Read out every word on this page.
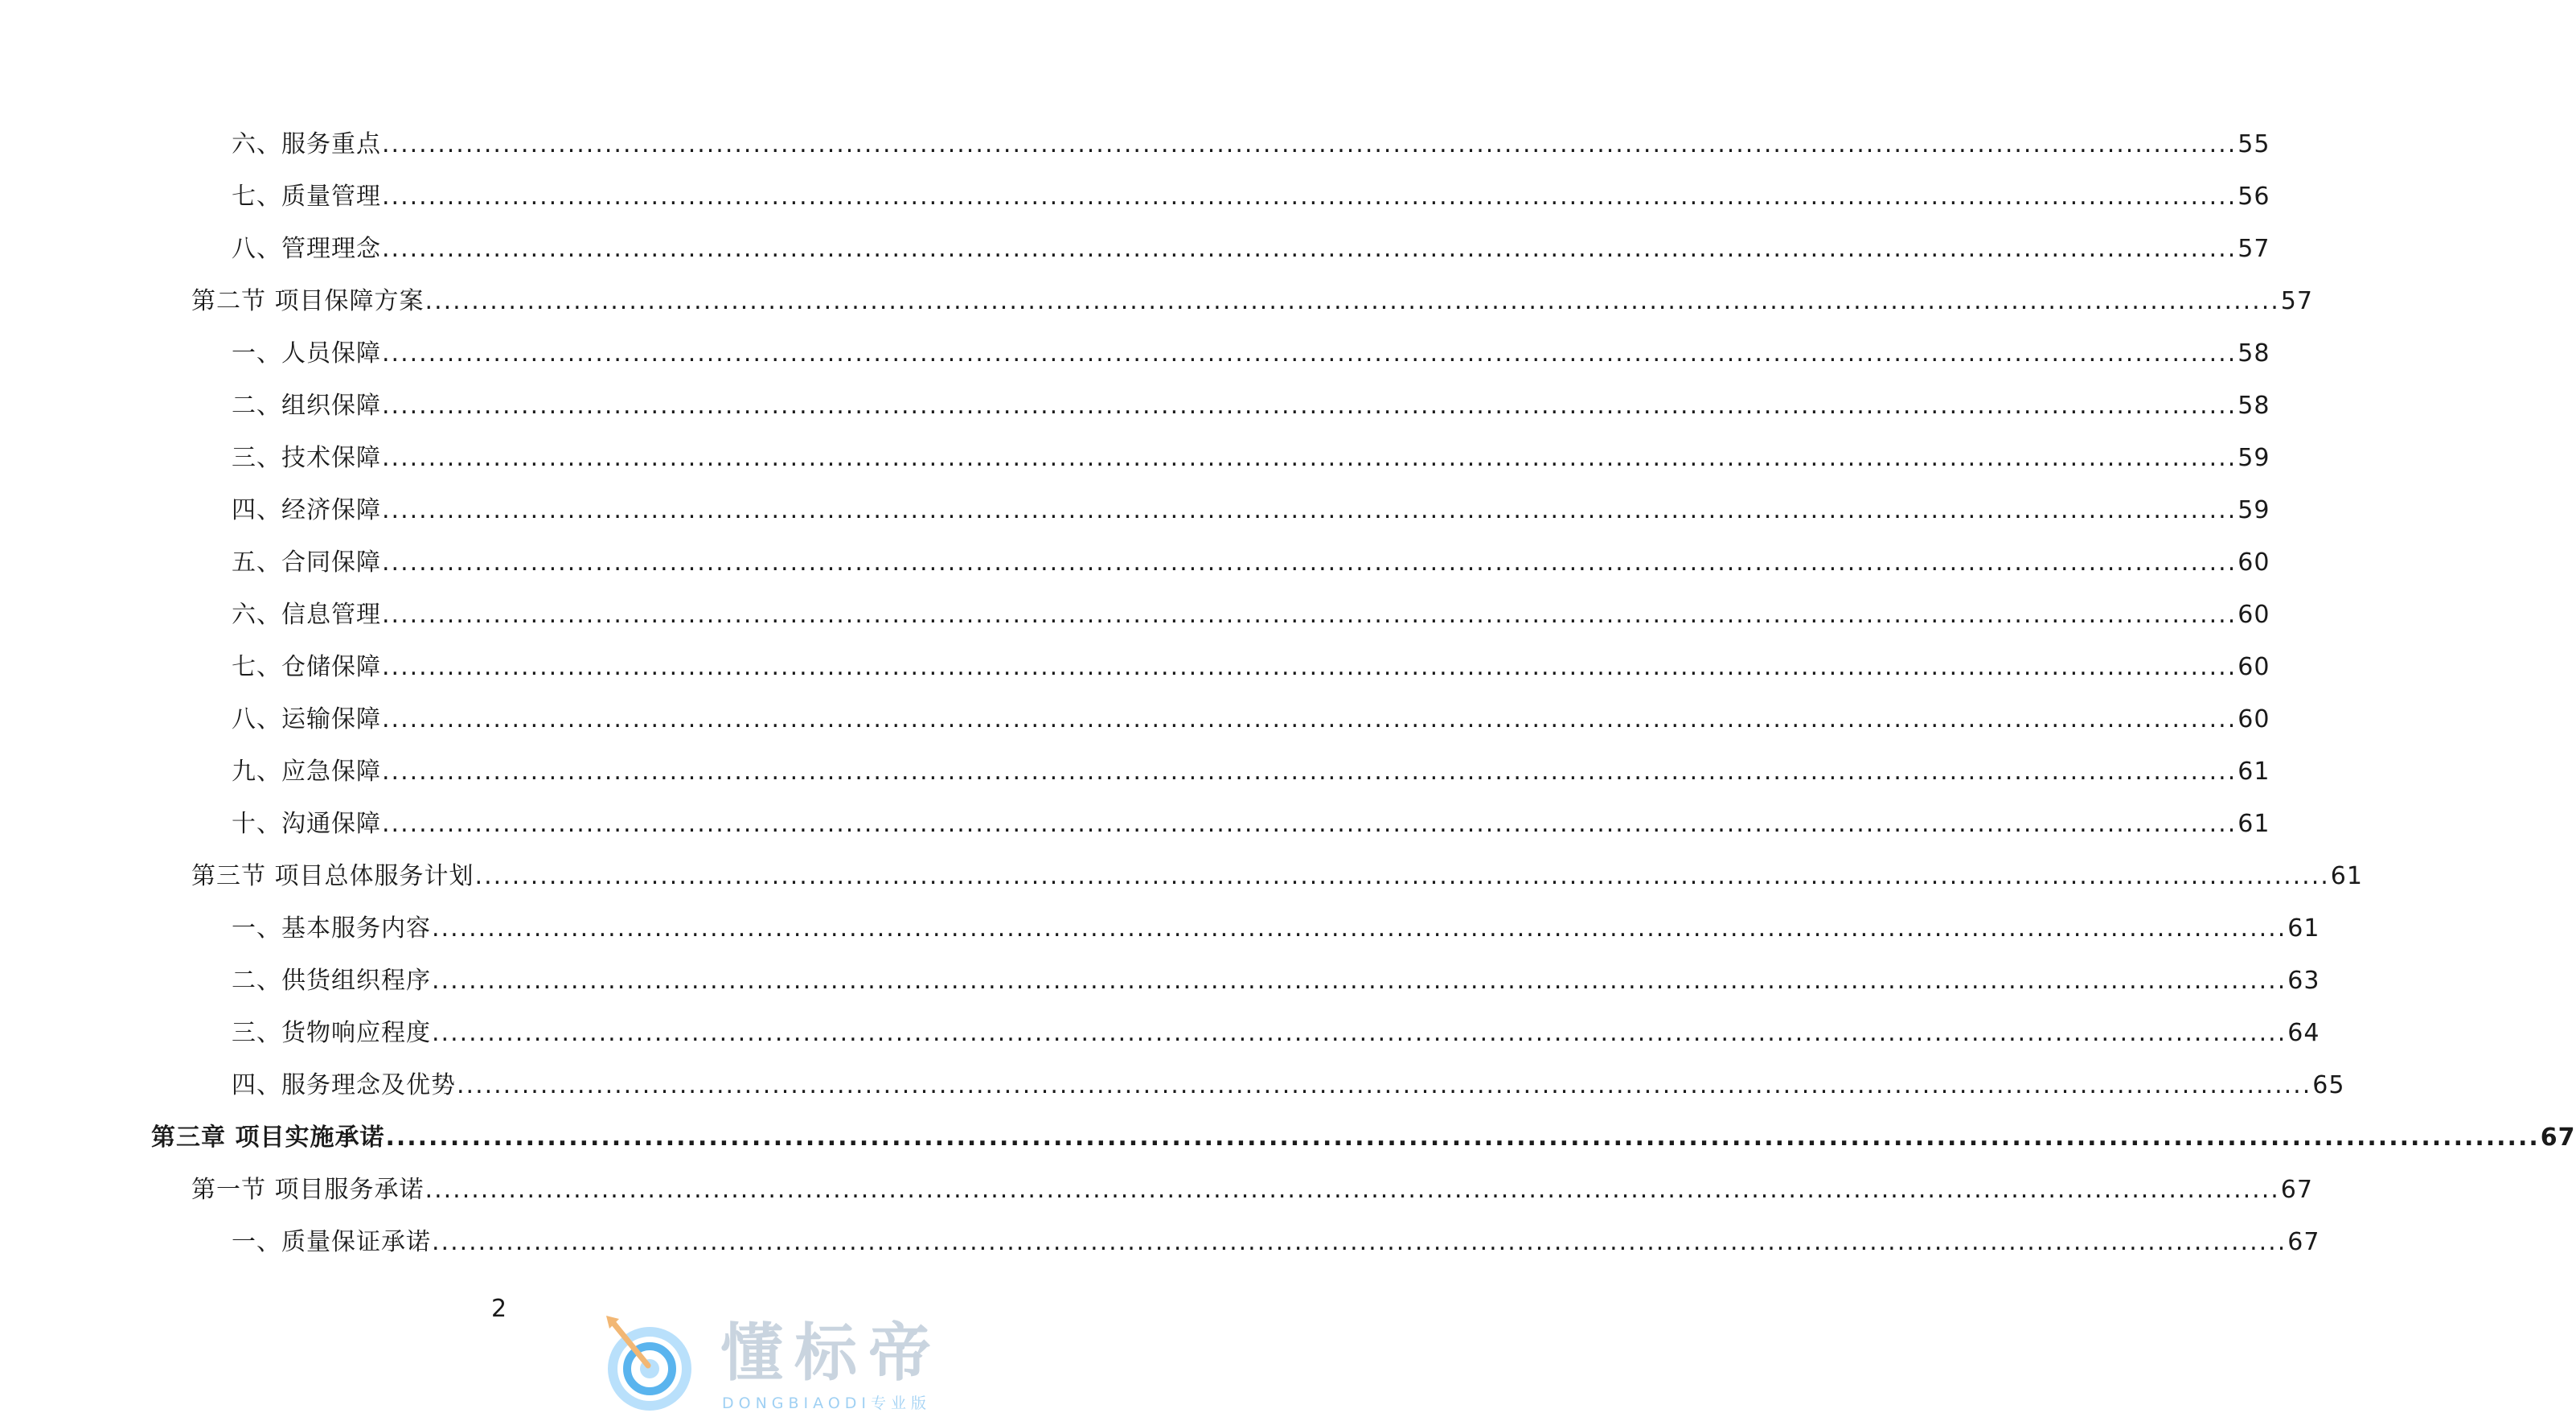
六、服务重点 ........................................................................................................................................................................................................ 55
七、质量管理 ........................................................................................................................................................................................................ 56
八、管理理念 ........................................................................................................................................................................................................ 57
第二节 项目保障方案 ........................................................................................................................................................................................................ 57
一、人员保障 ........................................................................................................................................................................................................ 58
二、组织保障 ........................................................................................................................................................................................................ 58
三、技术保障 ........................................................................................................................................................................................................ 59
四、经济保障 ........................................................................................................................................................................................................ 59
五、合同保障 ........................................................................................................................................................................................................ 60
六、信息管理 ........................................................................................................................................................................................................ 60
七、仓储保障 ........................................................................................................................................................................................................ 60
八、运输保障 ........................................................................................................................................................................................................ 60
九、应急保障 ........................................................................................................................................................................................................ 61
十、沟通保障 ........................................................................................................................................................................................................ 61
第三节 项目总体服务计划 ........................................................................................................................................................................................................ 61
一、基本服务内容 ........................................................................................................................................................................................................ 61
二、供货组织程序 ........................................................................................................................................................................................................ 63
三、货物响应程度 ........................................................................................................................................................................................................ 64
四、服务理念及优势 ........................................................................................................................................................................................................ 65
第三章 项目实施承诺 ........................................................................................................................................................................................................ 67
第一节 项目服务承诺 ........................................................................................................................................................................................................ 67
一、质量保证承诺 ........................................................................................................................................................................................................ 67
2
懂标帝
DONGBIAODI专业版
